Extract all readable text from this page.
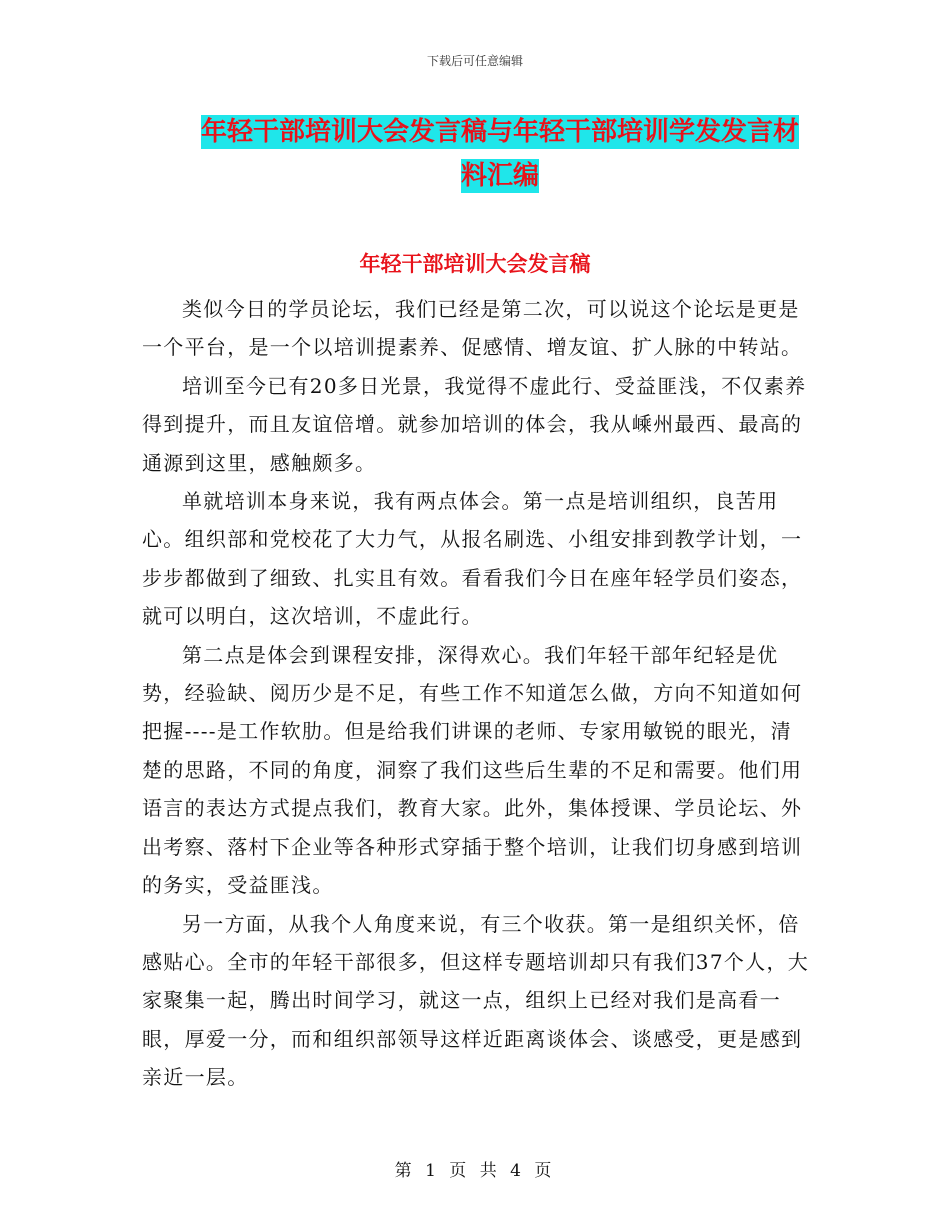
下载后可任意编辑
年轻干部培训大会发言稿与年轻干部培训学发发言材
料汇编
年轻干部培训大会发言稿

类似今日的学员论坛，我们已经是第二次，可以说这个论坛是更是一个平台，是一个以培训提素养、促感情、增友谊、扩人脉的中转站。

培训至今已有20多日光景，我觉得不虚此行、受益匪浅，不仅素养得到提升，而且友谊倍增。就参加培训的体会，我从嵊州最西、最高的通源到这里，感触颇多。

单就培训本身来说，我有两点体会。第一点是培训组织，良苦用心。组织部和党校花了大力气，从报名刷选、小组安排到教学计划，一步步都做到了细致、扎实且有效。看看我们今日在座年轻学员们姿态，就可以明白，这次培训，不虚此行。

第二点是体会到课程安排，深得欢心。我们年轻干部年纪轻是优势，经验缺、阅历少是不足，有些工作不知道怎么做，方向不知道如何把握----是工作软肋。但是给我们讲课的老师、专家用敏锐的眼光，清楚的思路，不同的角度，洞察了我们这些后生辈的不足和需要。他们用语言的表达方式提点我们，教育大家。此外，集体授课、学员论坛、外出考察、落村下企业等各种形式穿插于整个培训，让我们切身感到培训的务实，受益匪浅。

另一方面，从我个人角度来说，有三个收获。第一是组织关怀，倍感贴心。全市的年轻干部很多，但这样专题培训却只有我们37个人，大家聚集一起，腾出时间学习，就这一点，组织上已经对我们是高看一眼，厚爱一分，而和组织部领导这样近距离谈体会、谈感受，更是感到亲近一层。

第 1 页 共 4 页
